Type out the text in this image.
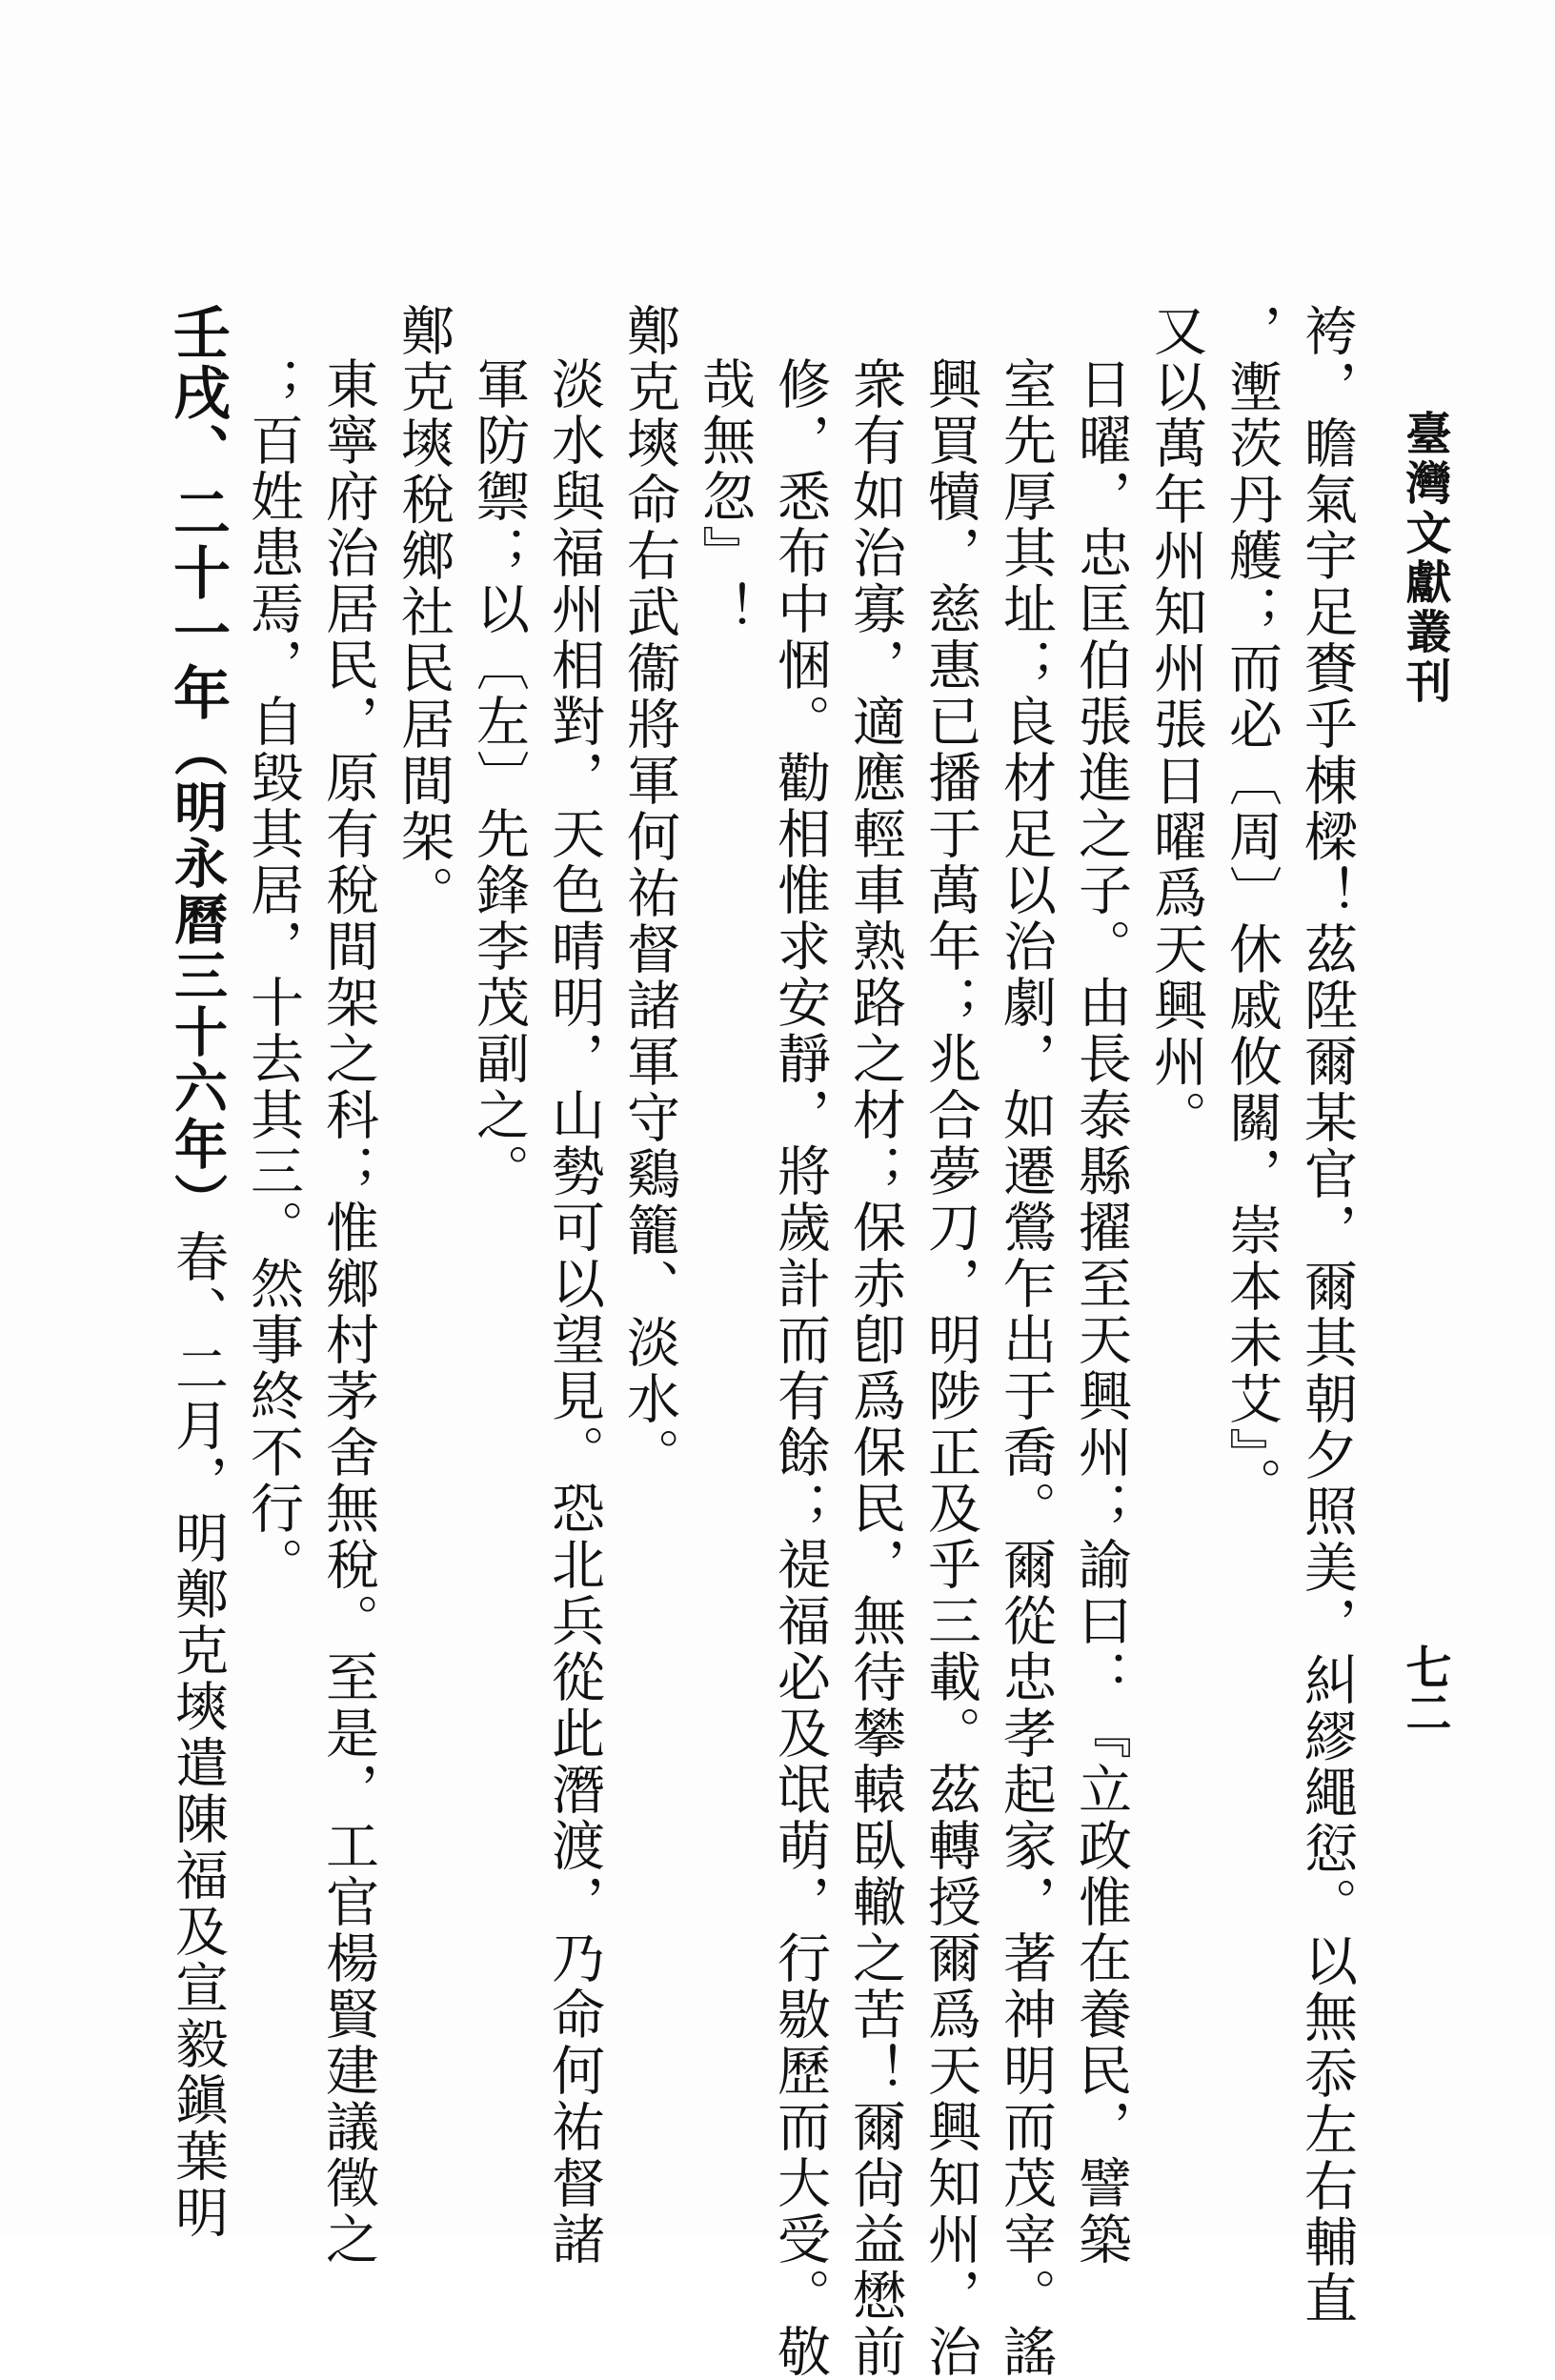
臺灣文獻叢刊
七二

袴，瞻氣宇足賚乎棟樑！茲陞爾某官，爾其朝夕照美，糾繆繩愆。以無忝左右輔直
，壍茨丹艧；而必〔周〕休戚攸關，崇本未艾』。

又以萬年州知州張日曜爲天興州。

日曜，忠匡伯張進之子。由長泰縣擢至天興州；諭曰：『立政惟在養民，譬築
室先厚其址；良材足以治劇，如遷鶯乍出于喬。爾從忠孝起家，著神明而茂宰。謠
興買犢，慈惠已播于萬年；兆合夢刀，明陟正及乎三載。茲轉授爾爲天興知州，治
衆有如治寡，適應輕車熟路之材；保赤卽爲保民，無待攀轅臥轍之苦！爾尙益懋前
修，悉布中悃。勸相惟求安靜，將歲計而有餘；禔福必及氓萌，行敭歷而大受。敬
哉無忽』！

鄭克塽命右武衞將軍何祐督諸軍守鷄籠、淡水。

淡水與福州相對，天色晴明，山勢可以望見。恐北兵從此潛渡，乃命何祐督諸
軍防禦；以〔左〕先鋒李茂副之。

鄭克塽稅鄉社民居間架。

東寧府治居民，原有稅間架之科；惟鄉村茅舍無稅。至是，工官楊賢建議徵之
；百姓患焉，自毀其居，十去其三。然事終不行。

壬戌、二十一年（明永曆三十六年）春、二月，明鄭克塽遣陳福及宣毅鎭葉明
